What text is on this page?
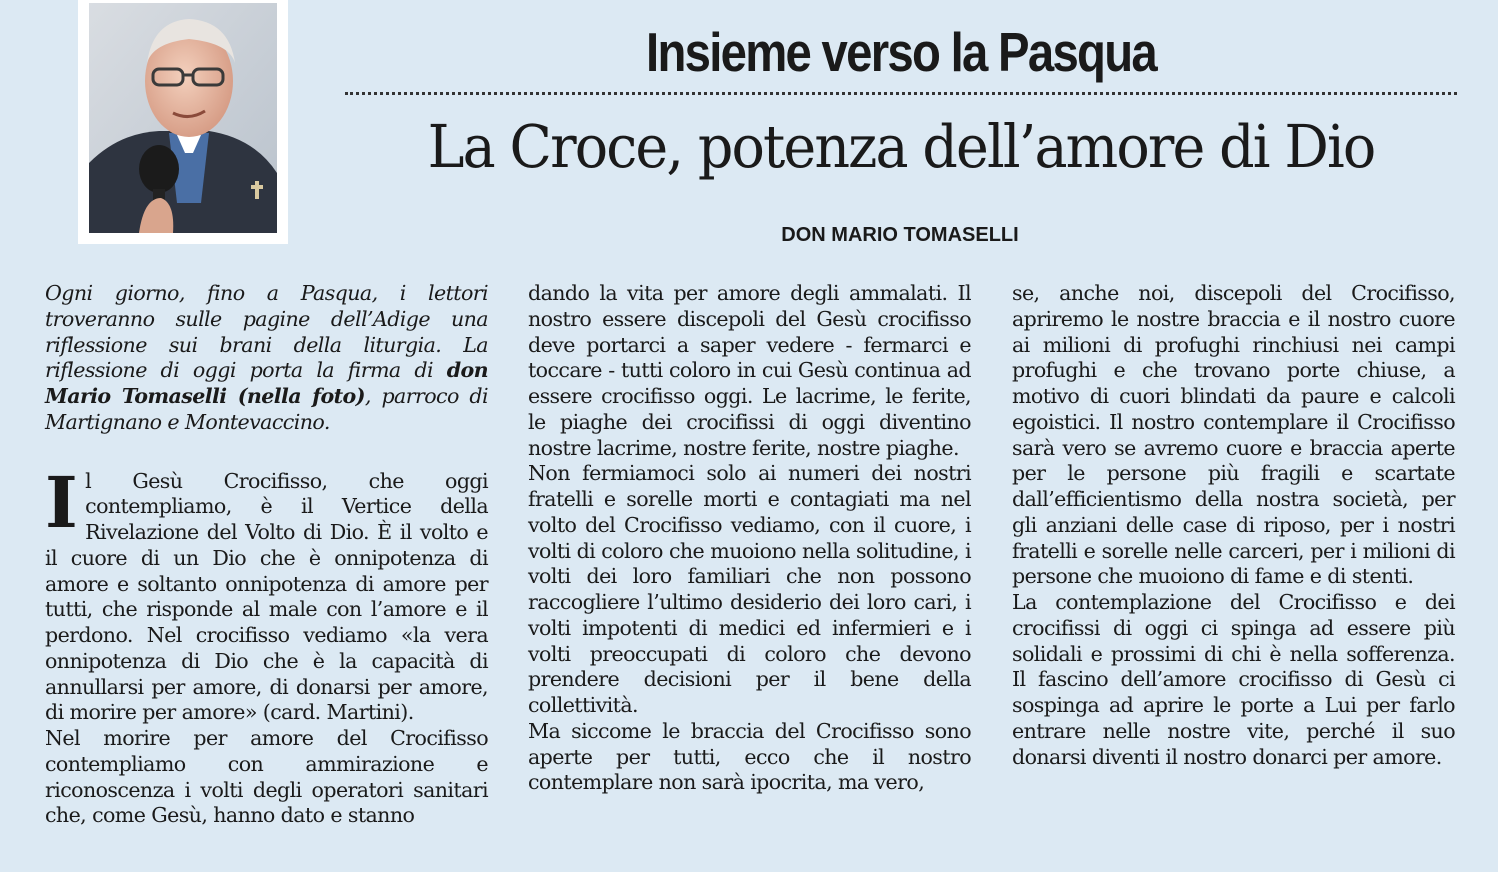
Insieme verso la Pasqua
La Croce, potenza dell’amore di Dio
DON MARIO TOMASELLI

Ogni giorno, fino a Pasqua, i lettori troveranno sulle pagine dell’Adige una riflessione sui brani della liturgia. La riflessione di oggi porta la firma di don Mario Tomaselli (nella foto), parroco di Martignano e Montevaccino.

Il Gesù Crocifisso, che oggi contempliamo, è il Vertice della Rivelazione del Volto di Dio. È il volto e il cuore di un Dio che è onnipotenza di amore e soltanto onnipotenza di amore per tutti, che risponde al male con l’amore e il perdono. Nel crocifisso vediamo «la vera onnipotenza di Dio che è la capacità di annullarsi per amore, di donarsi per amore, di morire per amore» (card. Martini).

Nel morire per amore del Crocifisso contempliamo con ammirazione e riconoscenza i volti degli operatori sanitari che, come Gesù, hanno dato e stanno

dando la vita per amore degli ammalati. Il nostro essere discepoli del Gesù crocifisso deve portarci a saper vedere - fermarci e toccare - tutti coloro in cui Gesù continua ad essere crocifisso oggi. Le lacrime, le ferite, le piaghe dei crocifissi di oggi diventino nostre lacrime, nostre ferite, nostre piaghe.

Non fermiamoci solo ai numeri dei nostri fratelli e sorelle morti e contagiati ma nel volto del Crocifisso vediamo, con il cuore, i volti di coloro che muoiono nella solitudine, i volti dei loro familiari che non possono raccogliere l’ultimo desiderio dei loro cari, i volti impotenti di medici ed infermieri e i volti preoccupati di coloro che devono prendere decisioni per il bene della collettività.

Ma siccome le braccia del Crocifisso sono aperte per tutti, ecco che il nostro contemplare non sarà ipocrita, ma vero,

se, anche noi, discepoli del Crocifisso, apriremo le nostre braccia e il nostro cuore ai milioni di profughi rinchiusi nei campi profughi e che trovano porte chiuse, a motivo di cuori blindati da paure e calcoli egoistici. Il nostro contemplare il Crocifisso sarà vero se avremo cuore e braccia aperte per le persone più fragili e scartate dall’efficientismo della nostra società, per gli anziani delle case di riposo, per i nostri fratelli e sorelle nelle carceri, per i milioni di persone che muoiono di fame e di stenti.

La contemplazione del Crocifisso e dei crocifissi di oggi ci spinga ad essere più solidali e prossimi di chi è nella sofferenza. Il fascino dell’amore crocifisso di Gesù ci sospinga ad aprire le porte a Lui per farlo entrare nelle nostre vite, perché il suo donarsi diventi il nostro donarci per amore.
